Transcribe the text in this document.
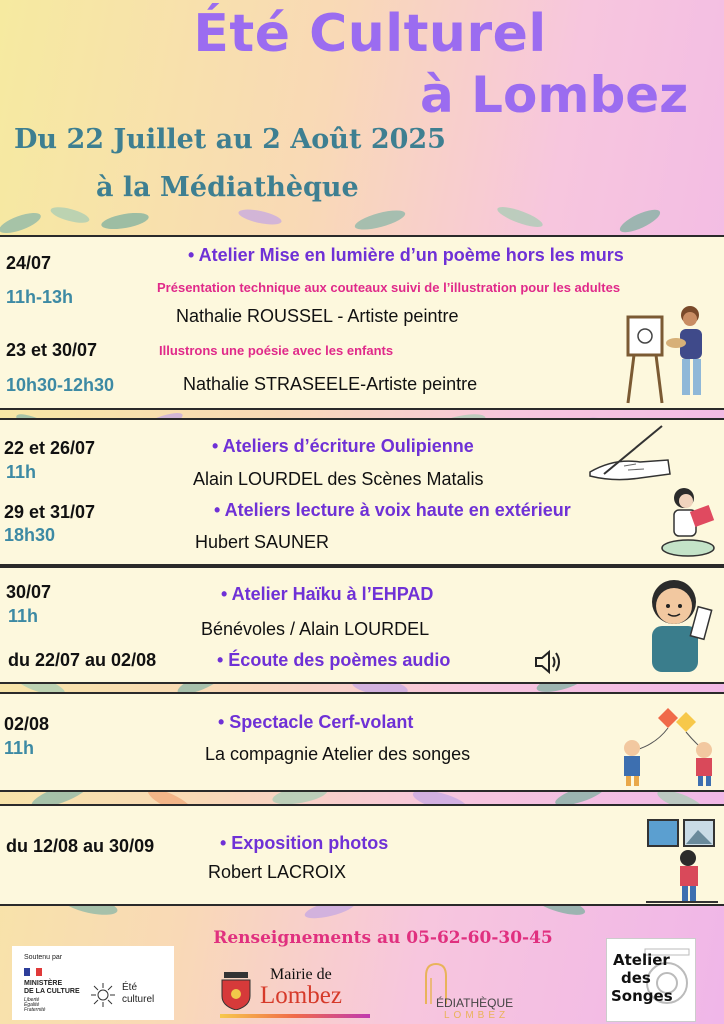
Été Culturel
à Lombez
Du 22 Juillet au 2 Août 2025
à la Médiathèque
24/07
11h-13h
• Atelier Mise en lumière d’un poème hors les murs
Présentation technique aux couteaux suivi de l’illustration pour les adultes
Nathalie ROUSSEL - Artiste peintre
23 et 30/07	Illustrons une poésie avec les enfants
10h30-12h30	Nathalie STRASEELE-Artiste peintre
22 et 26/07
11h
• Ateliers d’écriture Oulipienne
Alain LOURDEL des Scènes Matalis
29 et 31/07
18h30
• Ateliers lecture à voix haute en extérieur
Hubert SAUNER
30/07
11h
• Atelier Haïku à l’EHPAD
Bénévoles / Alain LOURDEL
du 22/07 au 02/08	• Écoute des poèmes audio
02/08
11h
• Spectacle Cerf-volant
La compagnie Atelier des songes
du 12/08 au 30/09	• Exposition photos
Robert LACROIX
Renseignements au 05-62-60-30-45
Soutenu par
MINISTÈRE
DE LA CULTURE
Liberté
Égalité
Fraternité
Été
culturel
Mairie de
Lombez	ÉDIATHÈQUE
LOMBEZ
Atelier
des
Songes
